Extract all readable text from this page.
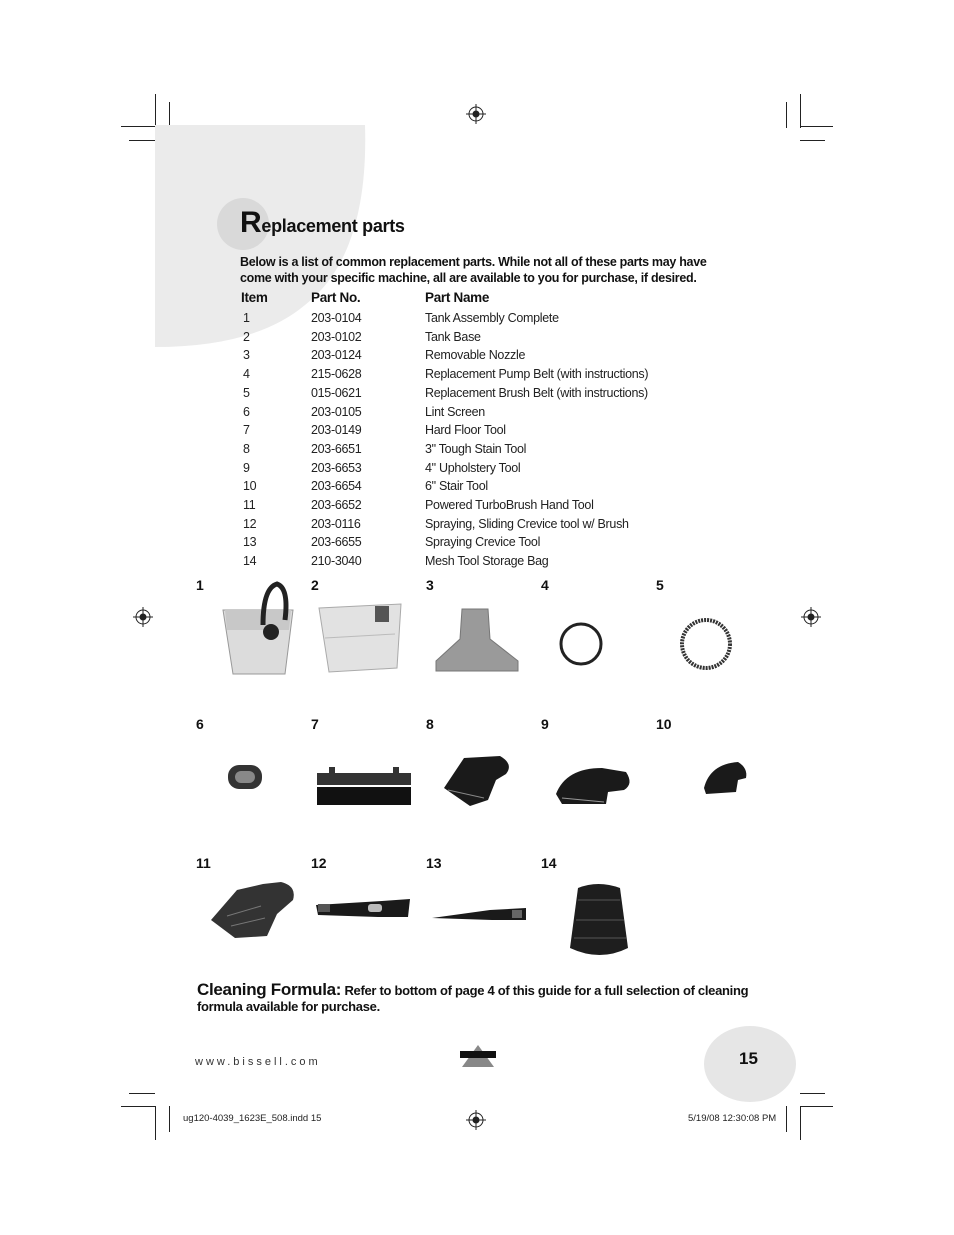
Replacement parts
Below is a list of common replacement parts. While not all of these parts may have come with your specific machine, all are available to you for purchase, if desired.
Item	Part No.	Part Name
1	203-0104	Tank Assembly Complete
2	203-0102	Tank Base
3	203-0124	Removable Nozzle
4	215-0628	Replacement Pump Belt (with instructions)
5	015-0621	Replacement Brush Belt (with instructions)
6	203-0105	Lint Screen
7	203-0149	Hard Floor Tool
8	203-6651	3" Tough Stain Tool
9	203-6653	4" Upholstery Tool
10	203-6654	6" Stair Tool
11	203-6652	Powered TurboBrush Hand Tool
12	203-0116	Spraying, Sliding Crevice tool w/ Brush
13	203-6655	Spraying Crevice Tool
14	210-3040	Mesh Tool Storage Bag
1	2	3	4	5
6	7	8	9	10
11	12	13	14
Cleaning Formula: Refer to bottom of page 4 of this guide for a full selection of cleaning formula available for purchase.
www.bissell.com	15
ug120-4039_1623E_508.indd 15	5/19/08 12:30:08 PM
